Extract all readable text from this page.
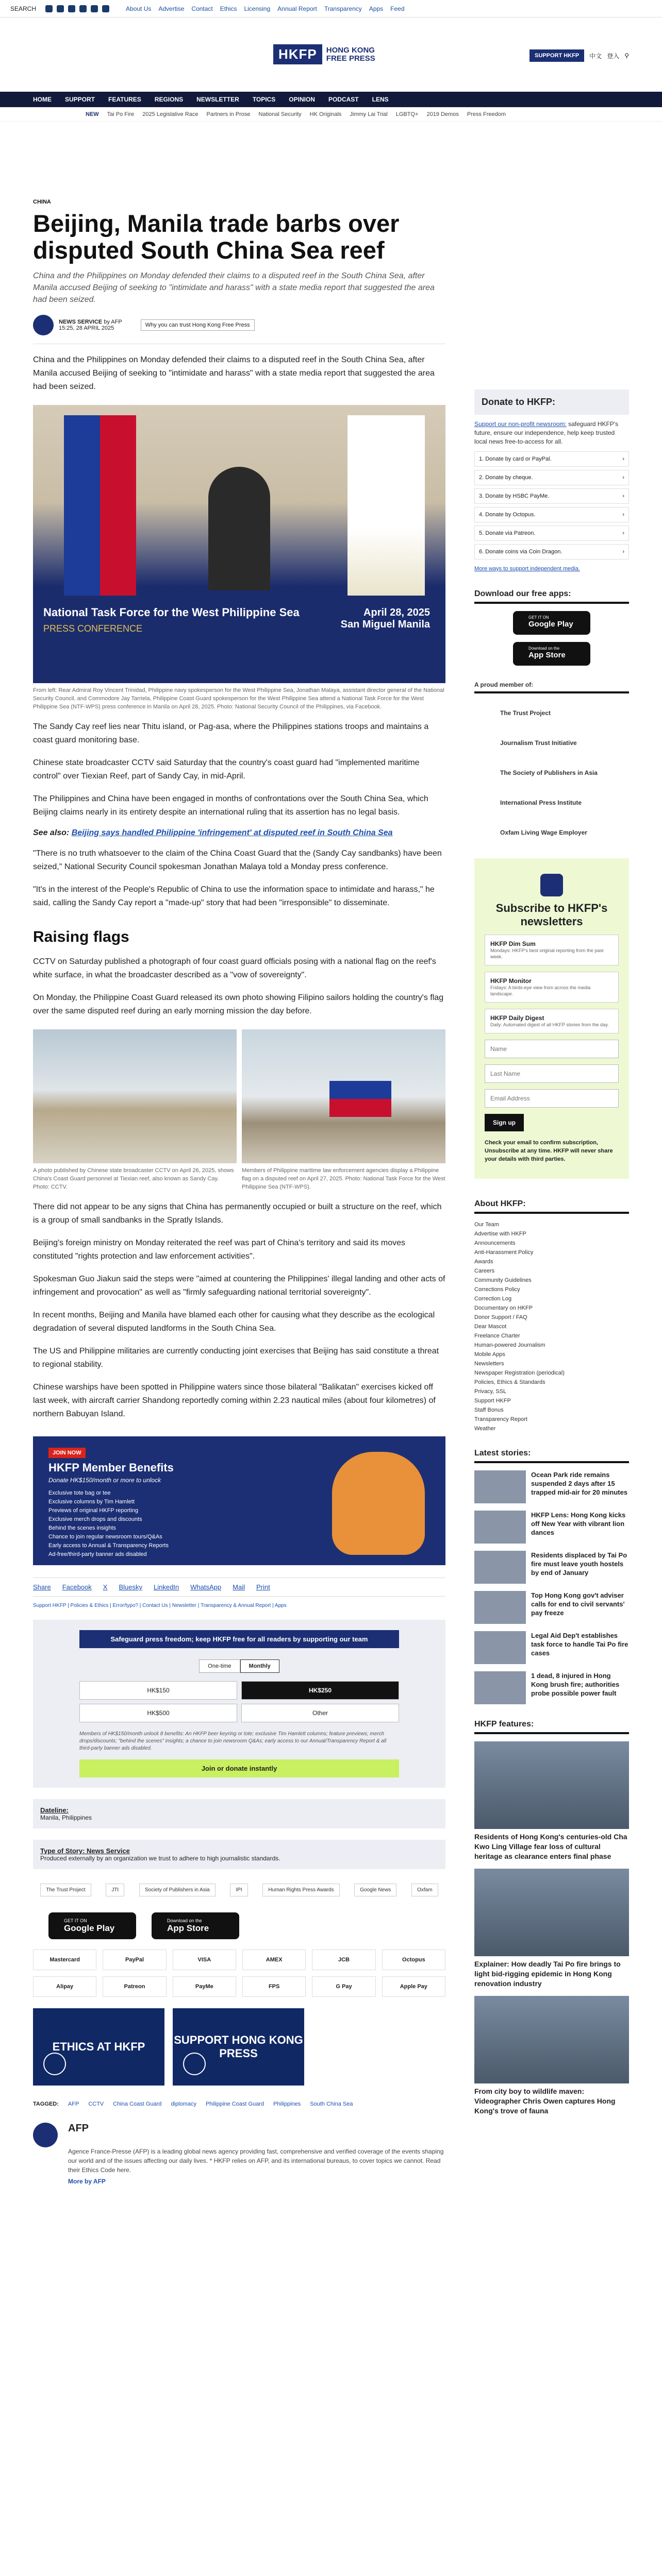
SEARCH	About Us Advertise Contact Ethics Licensing Annual Report Transparency Apps Feed
HKFP	HONG KONG
FREE PRESS	SUPPORT HKFP	中文 登入 ⚲
HOME SUPPORT FEATURES REGIONS NEWSLETTER TOPICS OPINION PODCAST LENS
NEW Tai Po Fire 2025 Legislative Race Partners in Prose National Security HK Originals Jimmy Lai Trial LGBTQ+ 2019 Demos Press Freedom
CHINA
Beijing, Manila trade barbs over disputed South China Sea reef

China and the Philippines on Monday defended their claims to a disputed reef in the South China Sea, after Manila accused Beijing of seeking to "intimidate and harass" with a state media report that suggested the area had been seized.

NEWS SERVICE by AFP
15:25, 28 APRIL 2025	Why you can trust Hong Kong Free Press

China and the Philippines on Monday defended their claims to a disputed reef in the South China Sea, after Manila accused Beijing of seeking to "intimidate and harass" with a state media report that suggested the area had been seized.

National Task Force for the West Philippine Sea
PRESS CONFERENCE
April 28, 2025
San Miguel Manila

From left: Rear Admiral Roy Vincent Trinidad, Philippine navy spokesperson for the West Philippine Sea, Jonathan Malaya, assistant director general of the National Security Council, and Commodore Jay Tarriela, Philippine Coast Guard spokesperson for the West Philippine Sea attend a National Task Force for the West Philippine Sea (NTF-WPS) press conference in Manila on April 28, 2025. Photo: National Security Council of the Philippines, via Facebook.

The Sandy Cay reef lies near Thitu island, or Pag-asa, where the Philippines stations troops and maintains a coast guard monitoring base.

Chinese state broadcaster CCTV said Saturday that the country's coast guard had "implemented maritime control" over Tiexian Reef, part of Sandy Cay, in mid-April.

The Philippines and China have been engaged in months of confrontations over the South China Sea, which Beijing claims nearly in its entirety despite an international ruling that its assertion has no legal basis.

See also: Beijing says handled Philippine 'infringement' at disputed reef in South China Sea

"There is no truth whatsoever to the claim of the China Coast Guard that the (Sandy Cay sandbanks) have been seized," National Security Council spokesman Jonathan Malaya told a Monday press conference.

"It's in the interest of the People's Republic of China to use the information space to intimidate and harass," he said, calling the Sandy Cay report a "made-up" story that had been "irresponsible" to disseminate.

Raising flags

CCTV on Saturday published a photograph of four coast guard officials posing with a national flag on the reef's white surface, in what the broadcaster described as a "vow of sovereignty".

On Monday, the Philippine Coast Guard released its own photo showing Filipino sailors holding the country's flag over the same disputed reef during an early morning mission the day before.

A photo published by Chinese state broadcaster CCTV on April 26, 2025, shows China's Coast Guard personnel at Tiexian reef, also known as Sandy Cay. Photo: CCTV.

Members of Philippine maritime law enforcement agencies display a Philippine flag on a disputed reef on April 27, 2025. Photo: National Task Force for the West Philippine Sea (NTF-WPS).

There did not appear to be any signs that China has permanently occupied or built a structure on the reef, which is a group of small sandbanks in the Spratly Islands.

Beijing's foreign ministry on Monday reiterated the reef was part of China's territory and said its moves constituted "rights protection and law enforcement activities".

Spokesman Guo Jiakun said the steps were "aimed at countering the Philippines' illegal landing and other acts of infringement and provocation" as well as "firmly safeguarding national territorial sovereignty".

In recent months, Beijing and Manila have blamed each other for causing what they describe as the ecological degradation of several disputed landforms in the South China Sea.

The US and Philippine militaries are currently conducting joint exercises that Beijing has said constitute a threat to regional stability.

Chinese warships have been spotted in Philippine waters since those bilateral "Balikatan" exercises kicked off last week, with aircraft carrier Shandong reportedly coming within 2.23 nautical miles (about four kilometres) of northern Babuyan Island.

JOIN NOW
HKFP Member Benefits
Donate HK$150/month or more to unlock
Exclusive tote bag or tee
Exclusive columns by Tim Hamlett
Previews of original HKFP reporting
Exclusive merch drops and discounts
Behind the scenes insights
Chance to join regular newsroom tours/Q&As
Early access to Annual & Transparency Reports
Ad-free/third-party banner ads disabled
Share Facebook X Bluesky LinkedIn WhatsApp Mail Print
Support HKFP | Policies & Ethics | Error/typo? | Contact Us | Newsletter | Transparency & Annual Report | Apps
Safeguard press freedom; keep HKFP free for all readers by supporting our team
One-time	Monthly
HK$150	HK$250
HK$500	Other

Members of HK$150/month unlock 8 benefits: An HKFP beer keyring or tote; exclusive Tim Hamlett columns; feature previews; merch drops/discounts; "behind the scenes" insights; a chance to join newsroom Q&As; early access to our Annual/Transparency Report & all third-party banner ads disabled.

Join or donate instantly
Dateline:
Manila, Philippines
Type of Story: News Service
Produced externally by an organization we trust to adhere to high journalistic standards.
The Trust Project	JTI	Society of Publishers in Asia	IPI	Human Rights Press Awards	Google News	Oxfam
GET IT ON
Google Play
Download on the
App Store
Mastercard	PayPal	VISA	AMEX	JCB	Octopus
Alipay	Patreon	PayMe	FPS	G Pay	Apple Pay
ETHICS AT HKFP
SUPPORT HONG KONG PRESS
TAGGED: AFP CCTV China Coast Guard diplomacy Philippine Coast Guard Philippines South China Sea
AFP

Agence France-Presse (AFP) is a leading global news agency providing fast, comprehensive and verified coverage of the events shaping our world and of the issues affecting our daily lives. * HKFP relies on AFP, and its international bureaus, to cover topics we cannot. Read their Ethics Code here.

More by AFP
Donate to HKFP:

Support our non-profit newsroom: safeguard HKFP's future, ensure our independence, help keep trusted local news free-to-access for all.

1. Donate by card or PayPal.	›
2. Donate by cheque.	›
3. Donate by HSBC PayMe.	›
4. Donate by Octopus.	›
5. Donate via Patreon.	›
6. Donate coins via Coin Dragon.	›
More ways to support independent media.
Download our free apps:
GET IT ON
Google Play
Download on the
App Store
A proud member of:
The Trust Project
Journalism Trust Initiative
The Society of Publishers in Asia
International Press Institute
Oxfam Living Wage Employer
Subscribe to HKFP's newsletters
HKFP Dim Sum
Mondays: HKFP's best original reporting from the past week.
HKFP Monitor
Fridays: A birds-eye view from across the media landscape.
HKFP Daily Digest
Daily: Automated digest of all HKFP stories from the day.
Name
Last Name
Email Address Sign up

Check your email to confirm subscription, Unsubscribe at any time. HKFP will never share your details with third parties.

About HKFP:
Our Team
Advertise with HKFP
Announcements
Anti-Harassment Policy
Awards
Careers
Community Guidelines
Corrections Policy
Correction Log
Documentary on HKFP
Donor Support / FAQ
Dear Mascot
Freelance Charter
Human-powered Journalism
Mobile Apps
Newsletters
Newspaper Registration (periodical)
Policies, Ethics & Standards
Privacy, SSL
Support HKFP
Staff Bonus
Transparency Report
Weather
Latest stories:
Ocean Park ride remains suspended 2 days after 15 trapped mid-air for 20 minutes
HKFP Lens: Hong Kong kicks off New Year with vibrant lion dances
Residents displaced by Tai Po fire must leave youth hostels by end of January
Top Hong Kong gov't adviser calls for end to civil servants' pay freeze
Legal Aid Dep't establishes task force to handle Tai Po fire cases
1 dead, 8 injured in Hong Kong brush fire; authorities probe possible power fault
HKFP features:
Residents of Hong Kong's centuries-old Cha Kwo Ling Village fear loss of cultural heritage as clearance enters final phase
Explainer: How deadly Tai Po fire brings to light bid-rigging epidemic in Hong Kong renovation industry
From city boy to wildlife maven: Videographer Chris Owen captures Hong Kong's trove of fauna
